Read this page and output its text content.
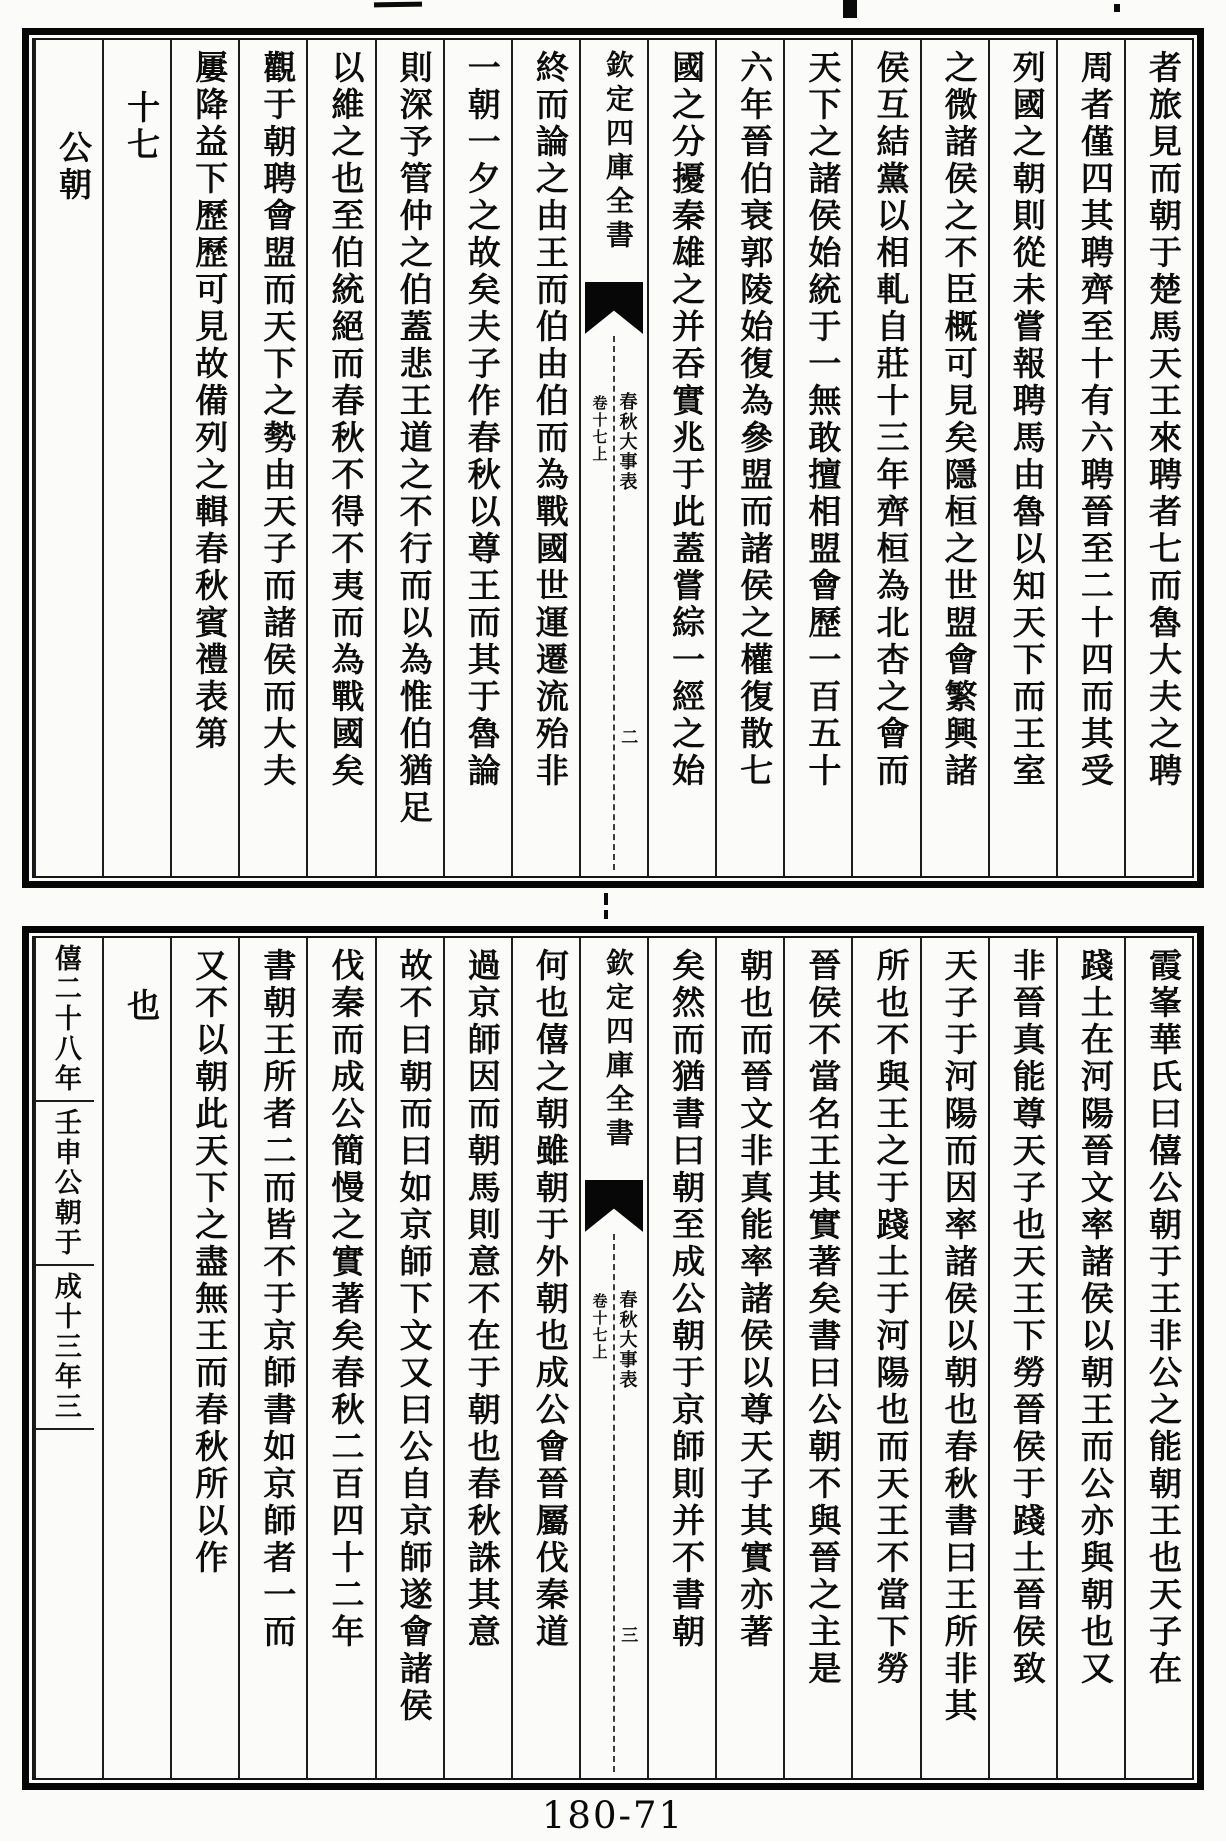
者旅見而朝于楚馬天王來聘者七而魯大夫之聘
周者僅四其聘齊至十有六聘晉至二十四而其受
列國之朝則從未嘗報聘馬由魯以知天下而王室
之微諸侯之不臣概可見矣隱桓之世盟會繁興諸
侯互結黨以相軋自莊十三年齊桓為北杏之會而
天下之諸侯始統于一無敢擅相盟會歷一百五十
六年晉伯衰郭陵始復為參盟而諸侯之權復散七
國之分擾秦雄之并吞實兆于此蓋嘗綜一經之始
欽定四庫全書
春秋大事表
卷十七上
二
終而論之由王而伯由伯而為戰國世運遷流殆非
一朝一夕之故矣夫子作春秋以尊王而其于魯論
則深予管仲之伯蓋悲王道之不行而以為惟伯猶足
以維之也至伯統絕而春秋不得不夷而為戰國矣
觀于朝聘會盟而天下之勢由天子而諸侯而大夫
屢降益下歷歷可見故備列之輯春秋賓禮表第
十七
公朝
霞峯華氏曰僖公朝于王非公之能朝王也天子在
踐土在河陽晉文率諸侯以朝王而公亦與朝也又
非晉真能尊天子也天王下勞晉侯于踐土晉侯致
天子于河陽而因率諸侯以朝也春秋書曰王所非其
所也不與王之于踐土于河陽也而天王不當下勞
晉侯不當名王其實著矣書曰公朝不與晉之主是
朝也而晉文非真能率諸侯以尊天子其實亦著
矣然而猶書曰朝至成公朝于京師則并不書朝
欽定四庫全書
春秋大事表
卷十七上
三
何也僖之朝雖朝于外朝也成公會晉屬伐秦道
過京師因而朝馬則意不在于朝也春秋誅其意
故不曰朝而曰如京師下文又曰公自京師遂會諸侯
伐秦而成公簡慢之實著矣春秋二百四十二年
書朝王所者二而皆不于京師書如京師者一而
又不以朝此天下之盡無王而春秋所以作
也
僖二十八年
壬申公朝于
成十三年三
180-71
